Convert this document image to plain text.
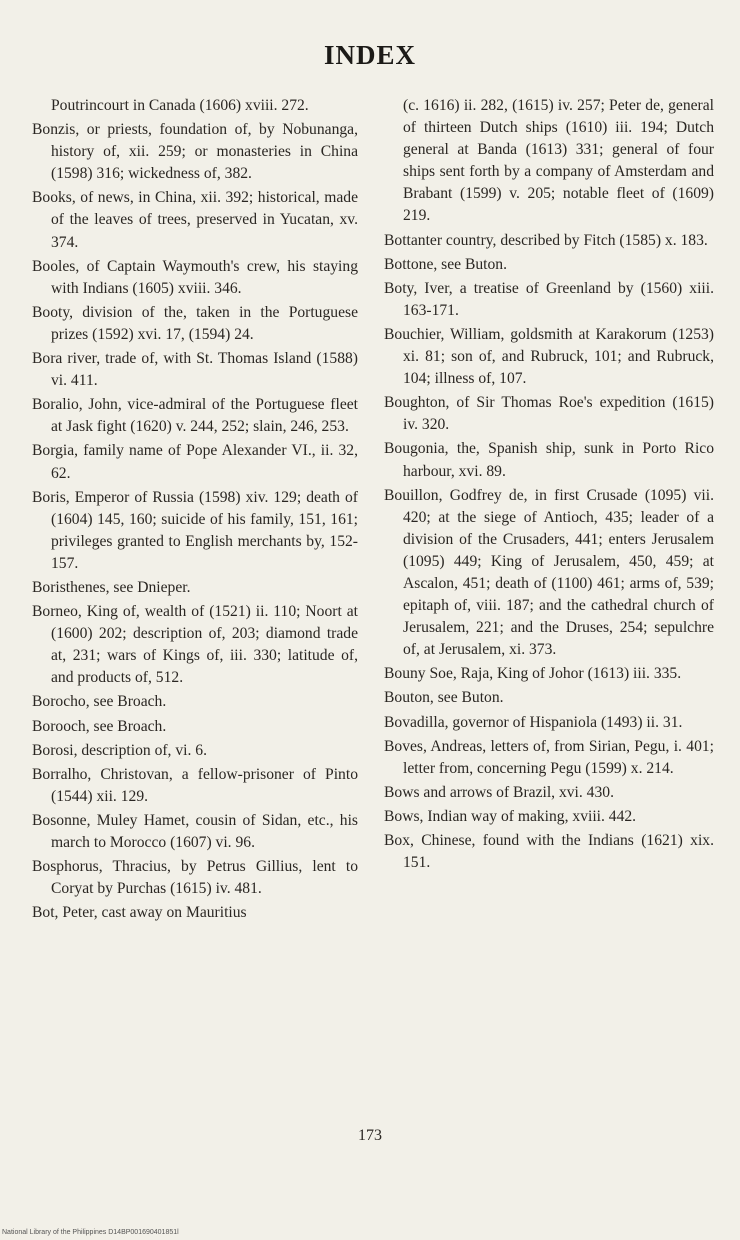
INDEX

Poutrincourt in Canada (1606) xviii. 272.

Bonzis, or priests, foundation of, by Nobunanga, history of, xii. 259; or monasteries in China (1598) 316; wickedness of, 382.

Books, of news, in China, xii. 392; historical, made of the leaves of trees, preserved in Yucatan, xv. 374.

Booles, of Captain Waymouth's crew, his staying with Indians (1605) xviii. 346.

Booty, division of the, taken in the Portuguese prizes (1592) xvi. 17, (1594) 24.

Bora river, trade of, with St. Thomas Island (1588) vi. 411.

Boralio, John, vice-admiral of the Portuguese fleet at Jask fight (1620) v. 244, 252; slain, 246, 253.

Borgia, family name of Pope Alexander VI., ii. 32, 62.

Boris, Emperor of Russia (1598) xiv. 129; death of (1604) 145, 160; suicide of his family, 151, 161; privileges granted to English merchants by, 152-157.

Boristhenes, see Dnieper.

Borneo, King of, wealth of (1521) ii. 110; Noort at (1600) 202; description of, 203; diamond trade at, 231; wars of Kings of, iii. 330; latitude of, and products of, 512.

Borocho, see Broach.

Borooch, see Broach.

Borosi, description of, vi. 6.

Borralho, Christovan, a fellow-prisoner of Pinto (1544) xii. 129.

Bosonne, Muley Hamet, cousin of Sidan, etc., his march to Morocco (1607) vi. 96.

Bosphorus, Thracius, by Petrus Gillius, lent to Coryat by Purchas (1615) iv. 481.

Bot, Peter, cast away on Mauritius

(c. 1616) ii. 282, (1615) iv. 257; Peter de, general of thirteen Dutch ships (1610) iii. 194; Dutch general at Banda (1613) 331; general of four ships sent forth by a company of Amsterdam and Brabant (1599) v. 205; notable fleet of (1609) 219.

Bottanter country, described by Fitch (1585) x. 183.

Bottone, see Buton.

Boty, Iver, a treatise of Greenland by (1560) xiii. 163-171.

Bouchier, William, goldsmith at Karakorum (1253) xi. 81; son of, and Rubruck, 101; and Rubruck, 104; illness of, 107.

Boughton, of Sir Thomas Roe's expedition (1615) iv. 320.

Bougonia, the, Spanish ship, sunk in Porto Rico harbour, xvi. 89.

Bouillon, Godfrey de, in first Crusade (1095) vii. 420; at the siege of Antioch, 435; leader of a division of the Crusaders, 441; enters Jerusalem (1095) 449; King of Jerusalem, 450, 459; at Ascalon, 451; death of (1100) 461; arms of, 539; epitaph of, viii. 187; and the cathedral church of Jerusalem, 221; and the Druses, 254; sepulchre of, at Jerusalem, xi. 373.

Bouny Soe, Raja, King of Johor (1613) iii. 335.

Bouton, see Buton.

Bovadilla, governor of Hispaniola (1493) ii. 31.

Boves, Andreas, letters of, from Sirian, Pegu, i. 401; letter from, concerning Pegu (1599) x. 214.

Bows and arrows of Brazil, xvi. 430.

Bows, Indian way of making, xviii. 442.

Box, Chinese, found with the Indians (1621) xix. 151.

173
National Library of the Philippines D14BP001690401851l
